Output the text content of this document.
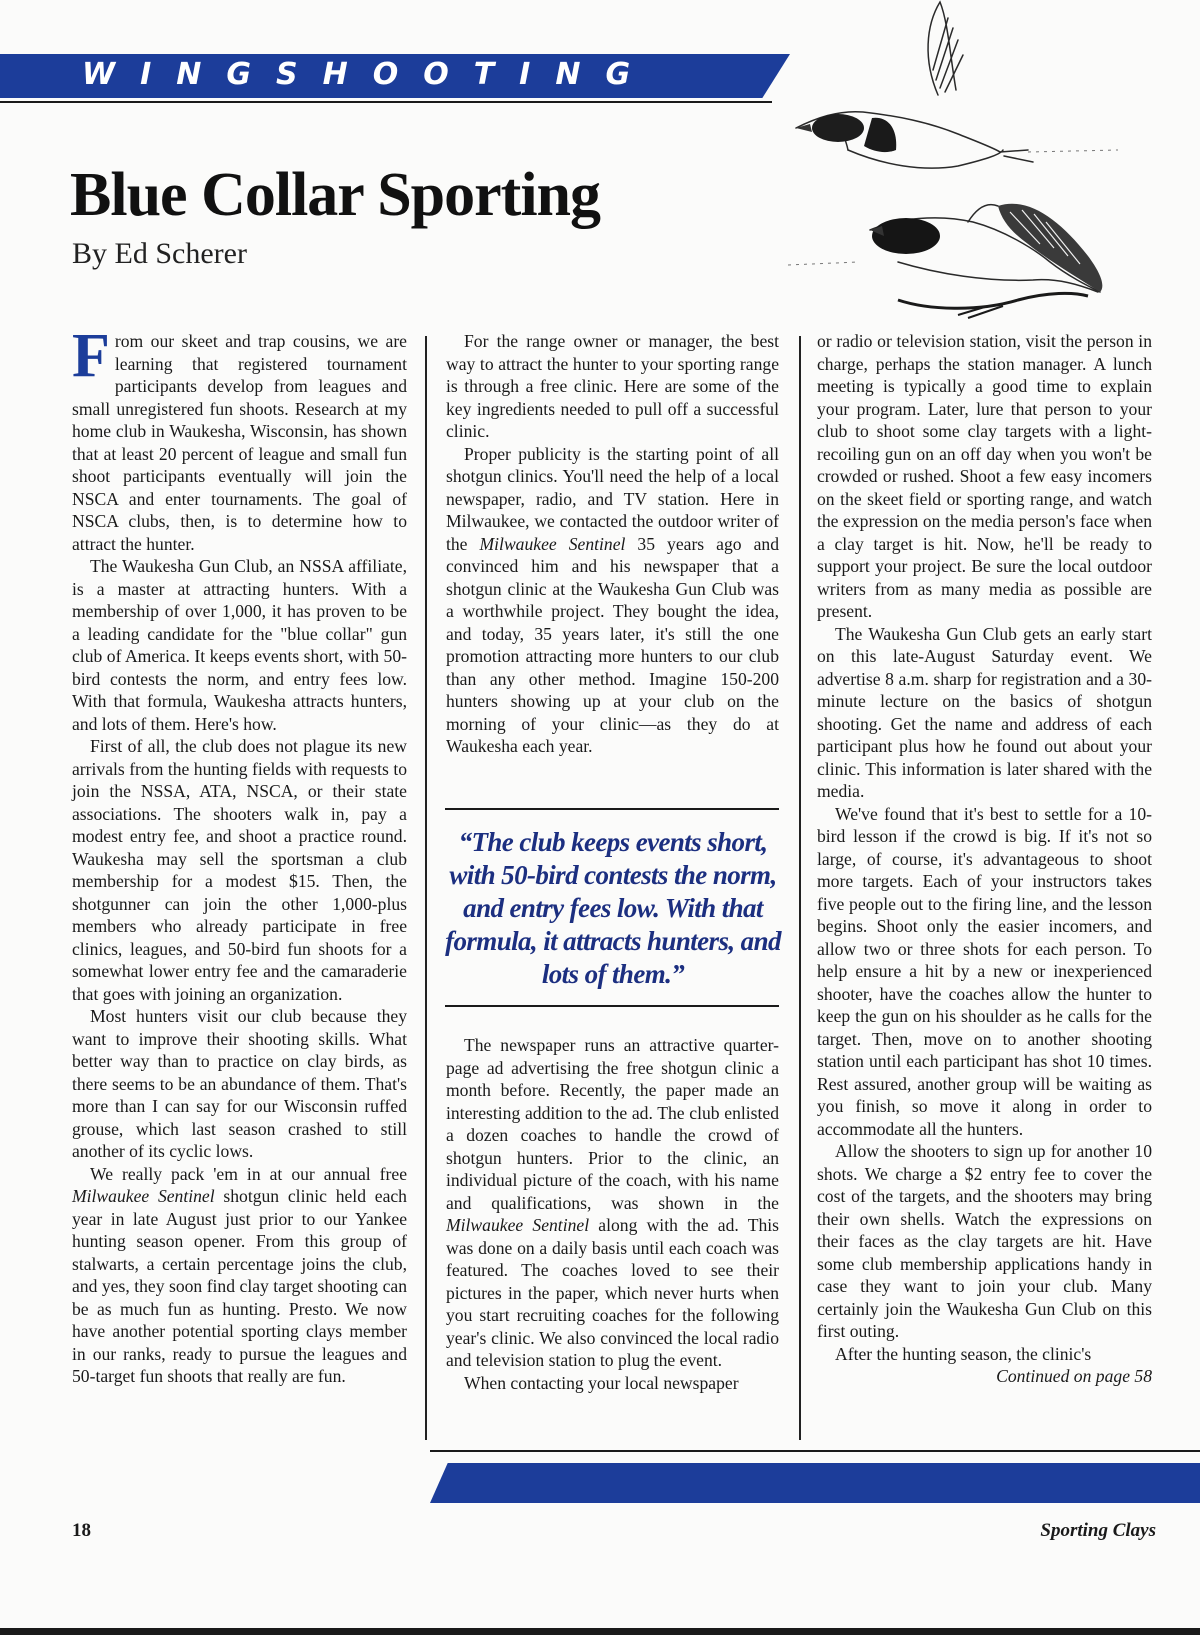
WINGSHOOTING
Blue Collar Sporting
By Ed Scherer

From our skeet and trap cousins, we are learning that registered tournament participants develop from leagues and small unregistered fun shoots. Research at my home club in Waukesha, Wisconsin, has shown that at least 20 percent of league and small fun shoot participants eventually will join the NSCA and enter tournaments. The goal of NSCA clubs, then, is to determine how to attract the hunter.

The Waukesha Gun Club, an NSSA affiliate, is a master at attracting hunters. With a membership of over 1,000, it has proven to be a leading candidate for the "blue collar" gun club of America. It keeps events short, with 50-bird contests the norm, and entry fees low. With that formula, Waukesha attracts hunters, and lots of them. Here's how.

First of all, the club does not plague its new arrivals from the hunting fields with requests to join the NSSA, ATA, NSCA, or their state associations. The shooters walk in, pay a modest entry fee, and shoot a practice round. Waukesha may sell the sportsman a club membership for a modest $15. Then, the shotgunner can join the other 1,000-plus members who already participate in free clinics, leagues, and 50-bird fun shoots for a somewhat lower entry fee and the camaraderie that goes with joining an organization.

Most hunters visit our club because they want to improve their shooting skills. What better way than to practice on clay birds, as there seems to be an abundance of them. That's more than I can say for our Wisconsin ruffed grouse, which last season crashed to still another of its cyclic lows.

We really pack 'em in at our annual free Milwaukee Sentinel shotgun clinic held each year in late August just prior to our Yankee hunting season opener. From this group of stalwarts, a certain percentage joins the club, and yes, they soon find clay target shooting can be as much fun as hunting. Presto. We now have another potential sporting clays member in our ranks, ready to pursue the leagues and 50-target fun shoots that really are fun.

For the range owner or manager, the best way to attract the hunter to your sporting range is through a free clinic. Here are some of the key ingredients needed to pull off a successful clinic.

Proper publicity is the starting point of all shotgun clinics. You'll need the help of a local newspaper, radio, and TV station. Here in Milwaukee, we contacted the outdoor writer of the Milwaukee Sentinel 35 years ago and convinced him and his newspaper that a shotgun clinic at the Waukesha Gun Club was a worthwhile project. They bought the idea, and today, 35 years later, it's still the one promotion attracting more hunters to our club than any other method. Imagine 150-200 hunters showing up at your club on the morning of your clinic—as they do at Waukesha each year.

“The club keeps events short, with 50-bird contests the norm, and entry fees low. With that formula, it attracts hunters, and lots of them.”

The newspaper runs an attractive quarter-page ad advertising the free shotgun clinic a month before. Recently, the paper made an interesting addition to the ad. The club enlisted a dozen coaches to handle the crowd of shotgun hunters. Prior to the clinic, an individual picture of the coach, with his name and qualifications, was shown in the Milwaukee Sentinel along with the ad. This was done on a daily basis until each coach was featured. The coaches loved to see their pictures in the paper, which never hurts when you start recruiting coaches for the following year's clinic. We also convinced the local radio and television station to plug the event.

When contacting your local newspaper

or radio or television station, visit the person in charge, perhaps the station manager. A lunch meeting is typically a good time to explain your program. Later, lure that person to your club to shoot some clay targets with a light-recoiling gun on an off day when you won't be crowded or rushed. Shoot a few easy incomers on the skeet field or sporting range, and watch the expression on the media person's face when a clay target is hit. Now, he'll be ready to support your project. Be sure the local outdoor writers from as many media as possible are present.

The Waukesha Gun Club gets an early start on this late-August Saturday event. We advertise 8 a.m. sharp for registration and a 30-minute lecture on the basics of shotgun shooting. Get the name and address of each participant plus how he found out about your clinic. This information is later shared with the media.

We've found that it's best to settle for a 10-bird lesson if the crowd is big. If it's not so large, of course, it's advantageous to shoot more targets. Each of your instructors takes five people out to the firing line, and the lesson begins. Shoot only the easier incomers, and allow two or three shots for each person. To help ensure a hit by a new or inexperienced shooter, have the coaches allow the hunter to keep the gun on his shoulder as he calls for the target. Then, move on to another shooting station until each participant has shot 10 times. Rest assured, another group will be waiting as you finish, so move it along in order to accommodate all the hunters.

Allow the shooters to sign up for another 10 shots. We charge a $2 entry fee to cover the cost of the targets, and the shooters may bring their own shells. Watch the expressions on their faces as the clay targets are hit. Have some club membership applications handy in case they want to join your club. Many certainly join the Waukesha Gun Club on this first outing.

After the hunting season, the clinic's

Continued on page 58

18	Sporting Clays
